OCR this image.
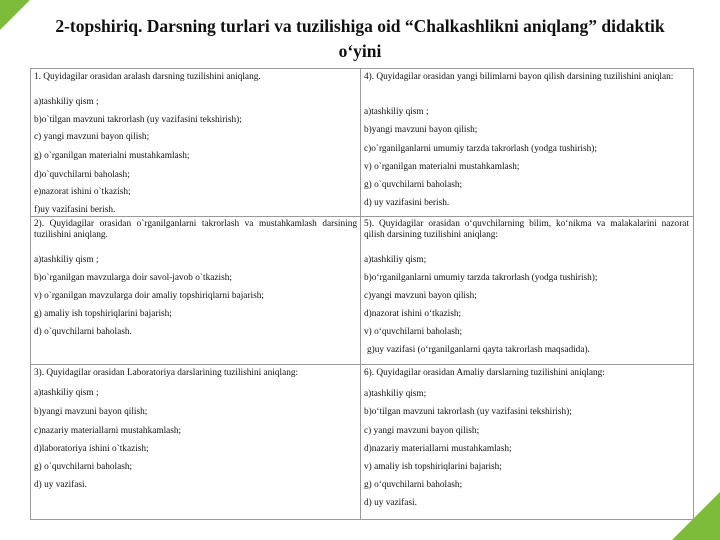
2-topshiriq. Darsning turlari va tuzilishiga oid “Chalkashlikni aniqlang” didaktik
o‘yini
1. Quyidagilar orasidan aralash darsning tuzilishini aniqlang.
a)tashkiliy qism ;
b)o`tilgan mavzuni takrorlash (uy vazifasini tekshirish);
c) yangi mavzuni bayon qilish;
g) o`rganilgan materialni mustahkamlash;
d)o`quvchilarni baholash;
e)nazorat ishini o`tkazish;
f)uy vazifasini berish.
4). Quyidagilar orasidan yangi bilimlarni bayon qilish darsining tuzilishini aniqlan:
a)tashkiliy qism ;
b)yangi mavzuni bayon qilish;
c)o`rganilganlarni umumiy tarzda takrorlash (yodga tushirish);
v) o`rganilgan materialni mustahkamlash;
g) o`quvchilarni baholash;
d) uy vazifasini berish.
2). Quyidagilar orasidan o`rganilganlarni takrorlash va mustahkamlash darsining tuzilishini aniqlang.
a)tashkiliy qism ;
b)o`rganilgan mavzularga doir savol-javob o`tkazish;
v) o`rganilgan mavzularga doir amaliy topshiriqlarni bajarish;
g) amaliy ish topshiriqlarini bajarish;
d) o`quvchilarni baholash.
5). Quyidagilar orasidan o‘quvchilarning bilim, ko‘nikma va malakalarini nazorat qilish darsining tuzilishini aniqlang:
a)tashkiliy qism;
b)o‘rganilganlarni umumiy tarzda takrorlash (yodga tushirish);
c)yangi mavzuni bayon qilish;
d)nazorat ishini o‘tkazish;
v) o‘quvchilarni baholash;
g)uy vazifasi (o‘rganilganlarni qayta takrorlash maqsadida).
3). Quyidagilar orasidan Laboratoriya darslarining tuzilishini aniqlang:
a)tashkiliy qism ;
b)yangi mavzuni bayon qilish;
c)nazariy materiallarni mustahkamlash;
d)laboratoriya ishini o`tkazish;
g) o`quvchilarni baholash;
d) uy vazifasi.
6). Quyidagilar orasidan Amaliy darslarning tuzilishini aniqlang:
a)tashkiliy qism;
b)o‘tilgan mavzuni takrorlash (uy vazifasini tekshirish);
c) yangi mavzuni bayon qilish;
d)nazariy materiallarni mustahkamlash;
v) amaliy ish topshiriqlarini bajarish;
g) o‘quvchilarni baholash;
d) uy vazifasi.
